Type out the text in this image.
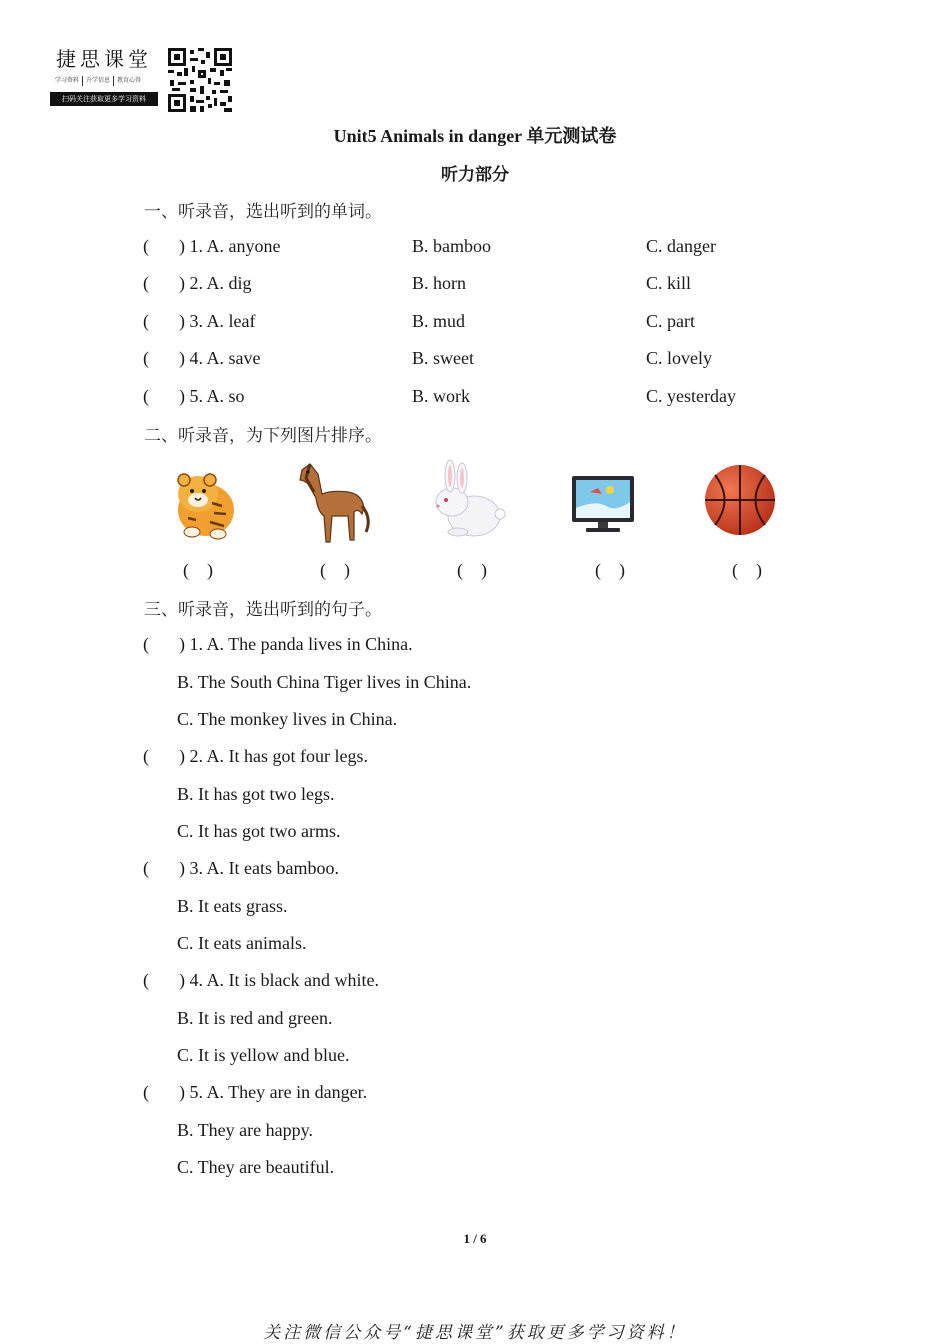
捷思课堂
学习资料	升学信息	教育心得
扫码关注获取更多学习资料
Unit5 Animals in danger 单元测试卷
听力部分
一、听录音，选出听到的单词。
( ) 1. A. anyone	B. bamboo	C. danger
( ) 2. A. dig	B. horn	C. kill
( ) 3. A. leaf	B. mud	C. part
( ) 4. A. save	B. sweet	C. lovely
( ) 5. A. so	B. work	C. yesterday
二、听录音，为下列图片排序。
(    )	(    )	(    )	(    )	(    )
三、听录音，选出听到的句子。
( ) 1. A. The panda lives in China.
B. The South China Tiger lives in China.
C. The monkey lives in China.
( ) 2. A. It has got four legs.
B. It has got two legs.
C. It has got two arms.
( ) 3. A. It eats bamboo.
B. It eats grass.
C. It eats animals.
( ) 4. A. It is black and white.
B. It is red and green.
C. It is yellow and blue.
( ) 5. A. They are in danger.
B. They are happy.
C. They are beautiful.
1 / 6
关注微信公众号“捷思课堂”获取更多学习资料！
